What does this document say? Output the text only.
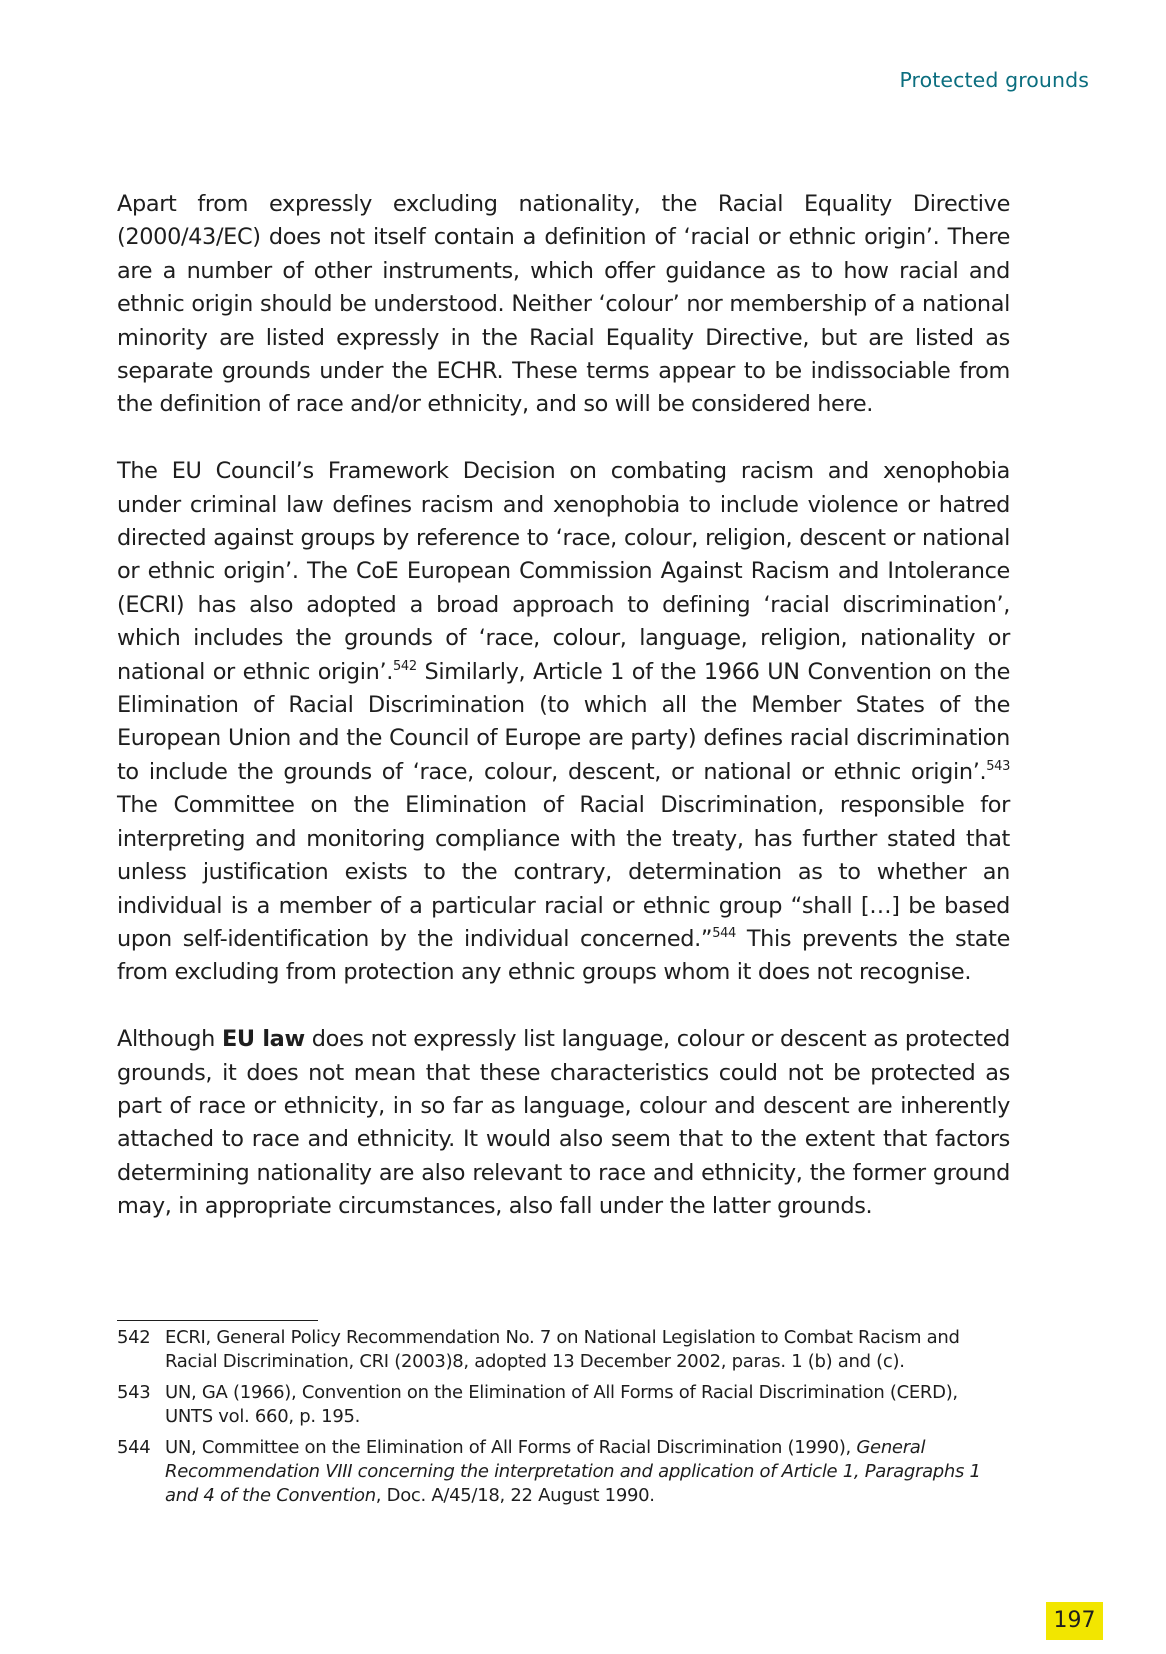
Protected grounds

Apart from expressly excluding nationality, the Racial Equality Directive (2000/43/EC) does not itself contain a definition of ‘racial or ethnic origin’. There are a number of other instruments, which offer guidance as to how racial and ethnic origin should be understood. Neither ‘colour’ nor membership of a national minority are listed expressly in the Racial Equality Directive, but are listed as separate grounds under the ECHR. These terms appear to be indissociable from the definition of race and/or ethnicity, and so will be considered here.

The EU Council’s Framework Decision on combating racism and xenophobia under criminal law defines racism and xenophobia to include violence or hatred directed against groups by reference to ‘race, colour, religion, descent or national or ethnic origin’. The CoE European Commission Against Racism and Intolerance (ECRI) has also adopted a broad approach to defining ‘racial discrimination’, which includes the grounds of ‘race, colour, language, religion, nationality or national or ethnic origin’.$^{542}$ Similarly, Article 1 of the 1966 UN Convention on the Elimination of Racial Discrimination (to which all the Member States of the European Union and the Council of Europe are party) defines racial discrimination to include the grounds of ‘race, colour, descent, or national or ethnic origin’.$^{543}$ The Committee on the Elimination of Racial Discrimination, responsible for interpreting and monitoring compliance with the treaty, has further stated that unless justification exists to the contrary, determination as to whether an individual is a member of a particular racial or ethnic group “shall […] be based upon self-identification by the individual concerned.”$^{544}$ This prevents the state from excluding from protection any ethnic groups whom it does not recognise.

Although EU law does not expressly list language, colour or descent as protected grounds, it does not mean that these characteristics could not be protected as part of race or ethnicity, in so far as language, colour and descent are inherently attached to race and ethnicity. It would also seem that to the extent that factors determining nationality are also relevant to race and ethnicity, the former ground may, in appropriate circumstances, also fall under the latter grounds.

542 ECRI, General Policy Recommendation No. 7 on National Legislation to Combat Racism and Racial Discrimination, CRI (2003)8, adopted 13 December 2002, paras. 1 (b) and (c).
543 UN, GA (1966), Convention on the Elimination of All Forms of Racial Discrimination (CERD), UNTS vol. 660, p. 195.
544 UN, Committee on the Elimination of All Forms of Racial Discrimination (1990), General Recommendation VIII concerning the interpretation and application of Article 1, Paragraphs 1 and 4 of the Convention, Doc. A/45/18, 22 August 1990.
197
